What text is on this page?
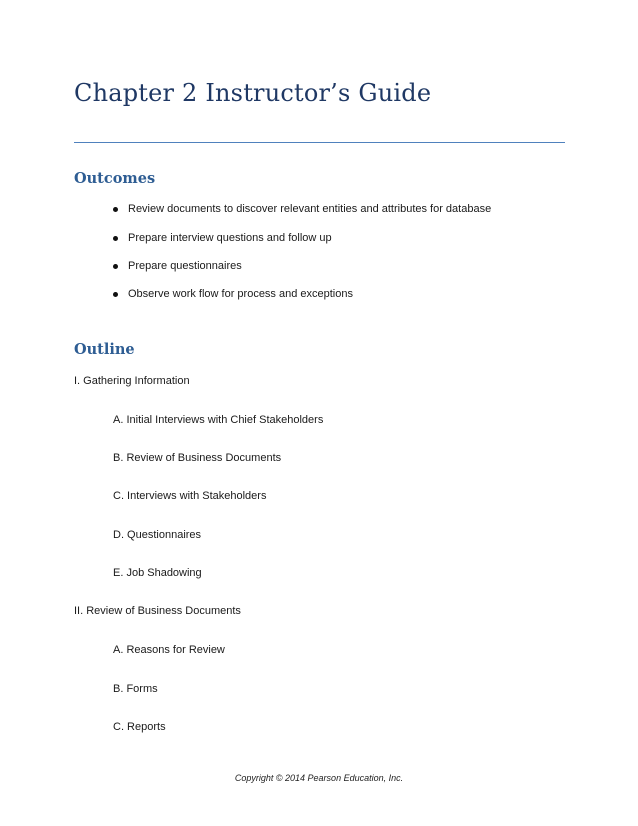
Chapter 2 Instructor’s Guide
Outcomes
Review documents to discover relevant entities and attributes for database
Prepare interview questions and follow up
Prepare questionnaires
Observe work flow for process and exceptions
Outline
I. Gathering Information
A. Initial Interviews with Chief Stakeholders
B. Review of Business Documents
C. Interviews with Stakeholders
D. Questionnaires
E. Job Shadowing
II. Review of Business Documents
A. Reasons for Review
B. Forms
C. Reports
Copyright © 2014 Pearson Education, Inc.
